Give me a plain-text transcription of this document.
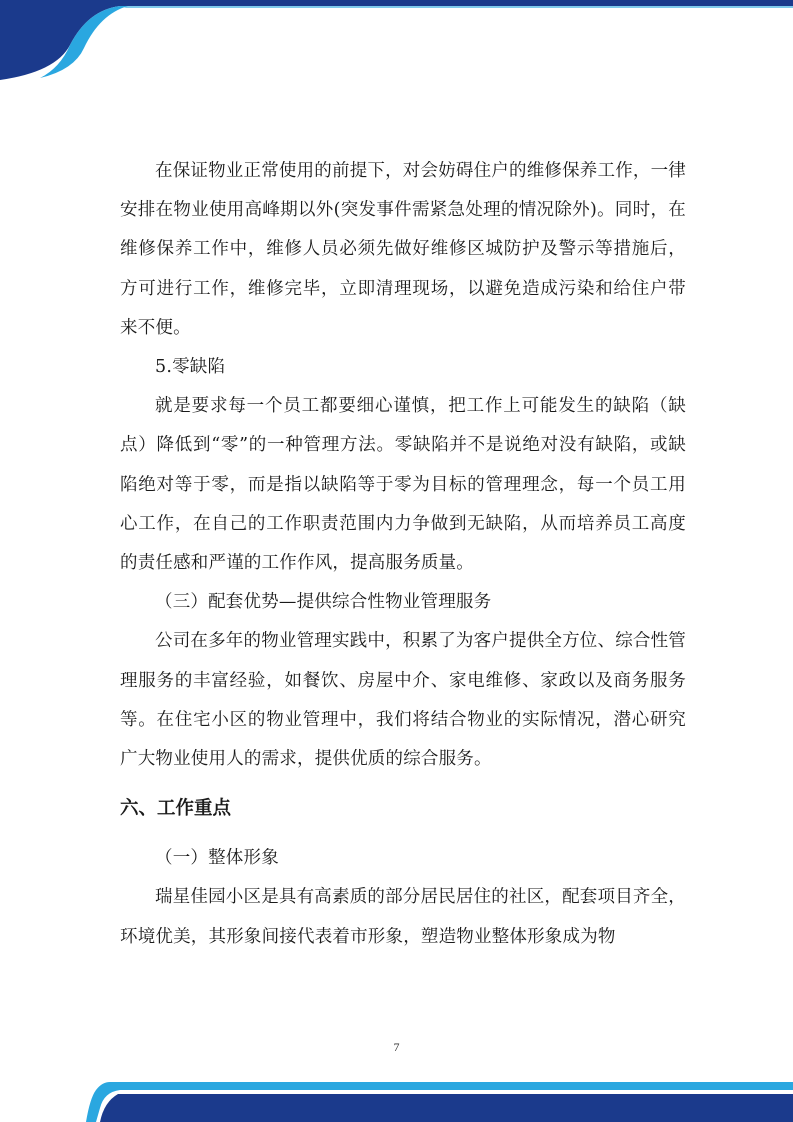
在保证物业正常使用的前提下，对会妨碍住户的维修保养工作，一律安排在物业使用高峰期以外(突发事件需紧急处理的情况除外)。同时，在维修保养工作中，维修人员必须先做好维修区城防护及警示等措施后，方可进行工作，维修完毕，立即清理现场，以避免造成污染和给住户带来不便。

5.零缺陷

就是要求每一个员工都要细心谨慎，把工作上可能发生的缺陷（缺点）降低到“零”的一种管理方法。零缺陷并不是说绝对没有缺陷，或缺陷绝对等于零，而是指以缺陷等于零为目标的管理理念，每一个员工用心工作，在自己的工作职责范围内力争做到无缺陷，从而培养员工高度的责任感和严谨的工作作风，提高服务质量。

（三）配套优势—提供综合性物业管理服务

公司在多年的物业管理实践中，积累了为客户提供全方位、综合性管理服务的丰富经验，如餐饮、房屋中介、家电维修、家政以及商务服务等。在住宅小区的物业管理中，我们将结合物业的实际情况，潜心研究广大物业使用人的需求，提供优质的综合服务。

六、工作重点

（一）整体形象

瑞星佳园小区是具有高素质的部分居民居住的社区，配套项目齐全，环境优美，其形象间接代表着市形象，塑造物业整体形象成为物

7
